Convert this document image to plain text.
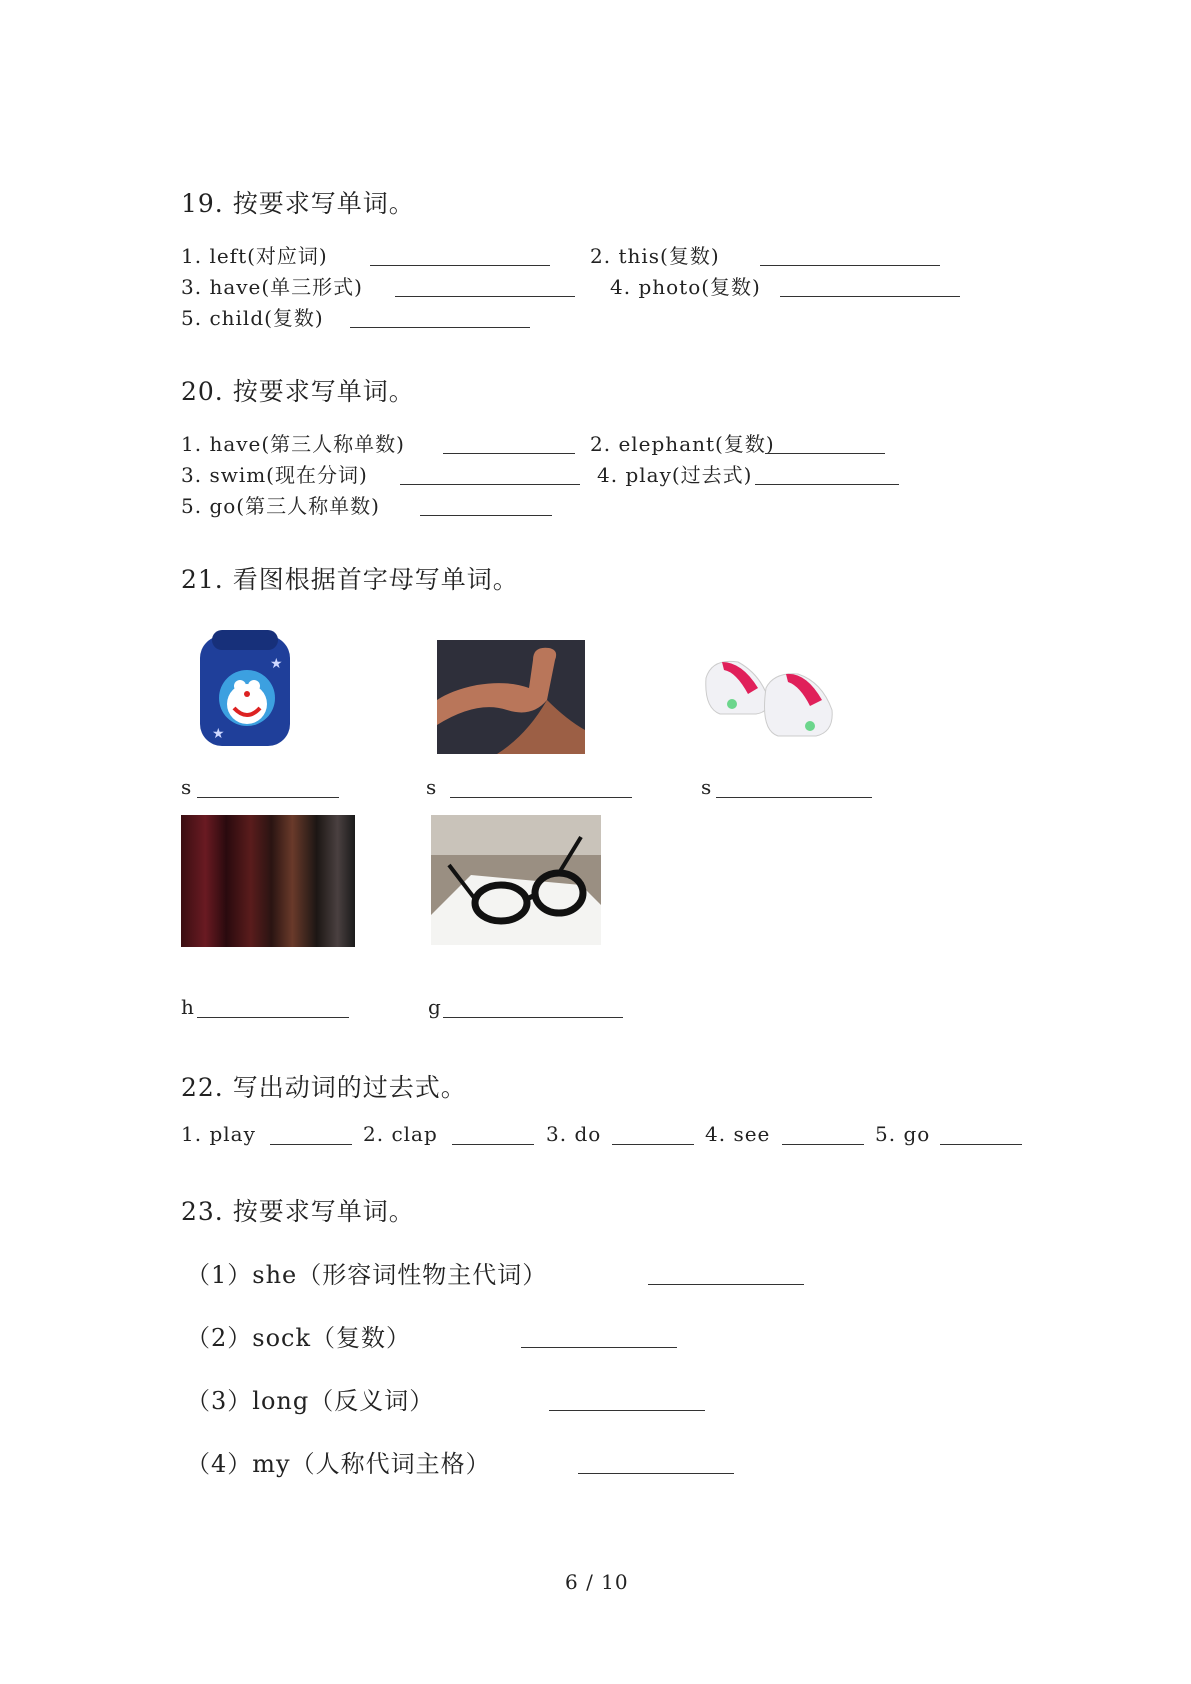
19. 按要求写单词。
1. left(对应词)	2. this(复数)
3. have(单三形式)	4. photo(复数)
5. child(复数)
20. 按要求写单词。
1. have(第三人称单数)	2. elephant(复数)
3. swim(现在分词)	4. play(过去式)
5. go(第三人称单数)
21. 看图根据首字母写单词。
★
★
s	s	s
h	g
22. 写出动词的过去式。
1. play	2. clap	3. do	4. see	5. go
23. 按要求写单词。
（1）she（形容词性物主代词）
（2）sock（复数）
（3）long（反义词）
（4）my（人称代词主格）
6 / 10
